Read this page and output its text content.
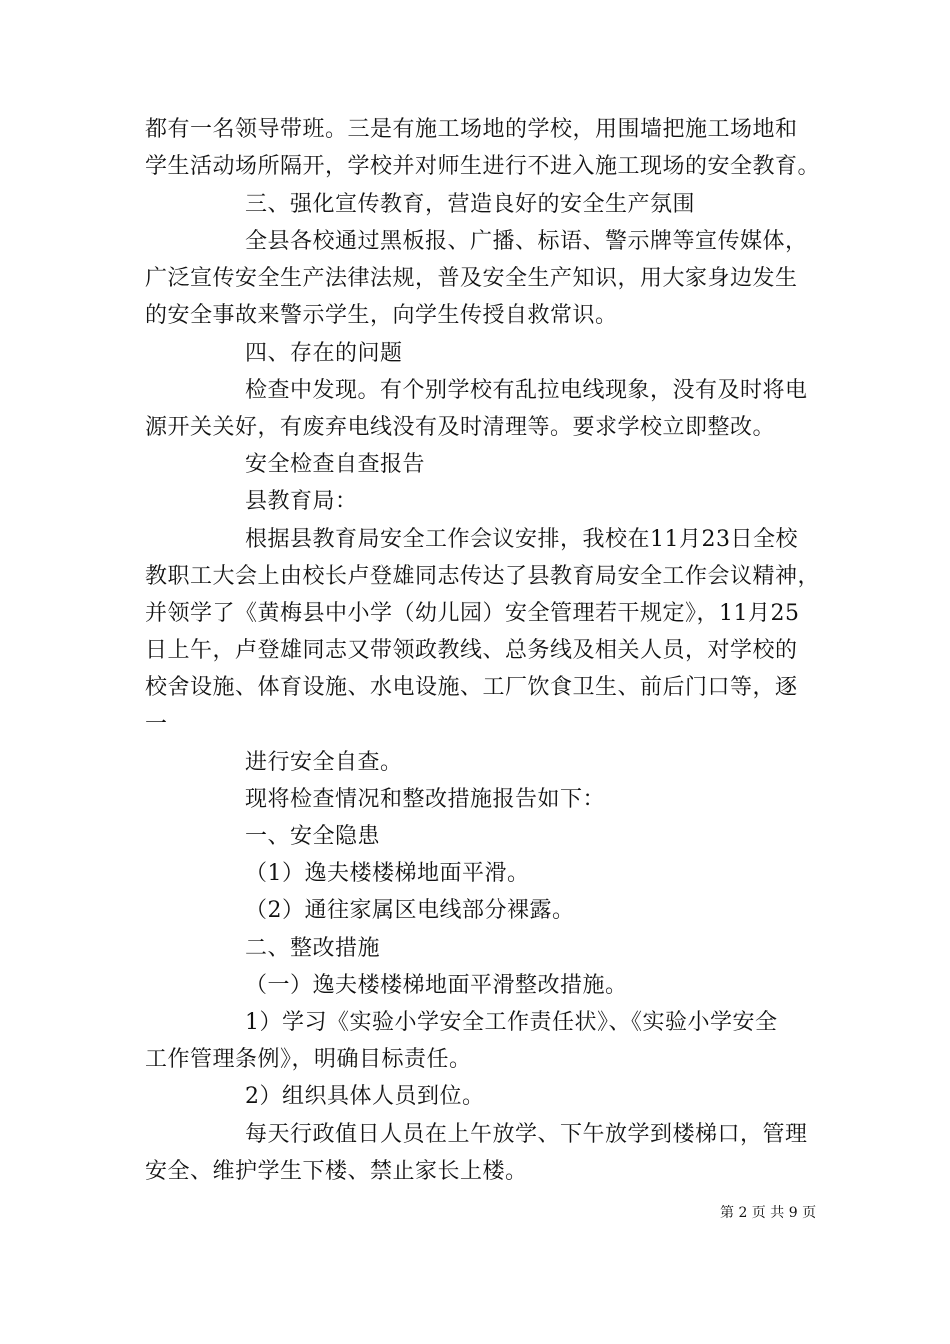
都有一名领导带班。三是有施工场地的学校，用围墙把施工场地和
学生活动场所隔开，学校并对师生进行不进入施工现场的安全教育。
三、强化宣传教育，营造良好的安全生产氛围
全县各校通过黑板报、广播、标语、警示牌等宣传媒体，
广泛宣传安全生产法律法规，普及安全生产知识，用大家身边发生
的安全事故来警示学生，向学生传授自救常识。
四、存在的问题
检查中发现。有个别学校有乱拉电线现象，没有及时将电
源开关关好，有废弃电线没有及时清理等。要求学校立即整改。
安全检查自查报告
县教育局：
根据县教育局安全工作会议安排，我校在11月23日全校
教职工大会上由校长卢登雄同志传达了县教育局安全工作会议精神，
并领学了《黄梅县中小学（幼儿园）安全管理若干规定》，11月25
日上午，卢登雄同志又带领政教线、总务线及相关人员，对学校的
校舍设施、体育设施、水电设施、工厂饮食卫生、前后门口等，逐
一
进行安全自查。
现将检查情况和整改措施报告如下：
一、安全隐患
（1）逸夫楼楼梯地面平滑。
（2）通往家属区电线部分裸露。
二、整改措施
（一）逸夫楼楼梯地面平滑整改措施。
1）学习《实验小学安全工作责任状》、《实验小学安全
工作管理条例》，明确目标责任。
2）组织具体人员到位。
每天行政值日人员在上午放学、下午放学到楼梯口，管理
安全、维护学生下楼、禁止家长上楼。
第 2 页 共 9 页
